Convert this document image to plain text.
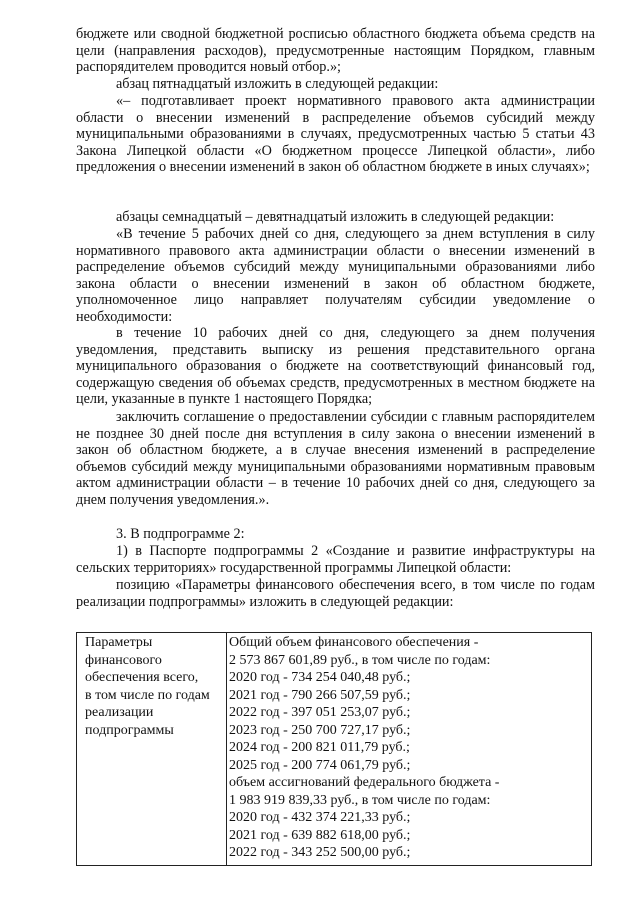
бюджете или сводной бюджетной росписью областного бюджета объема средств на цели (направления расходов), предусмотренные настоящим Порядком, главным распорядителем проводится новый отбор.»;

абзац пятнадцатый изложить в следующей редакции:

«– подготавливает проект нормативного правового акта администрации области о внесении изменений в распределение объемов субсидий между муниципальными образованиями в случаях, предусмотренных частью 5 статьи 43 Закона Липецкой области «О бюджетном процессе Липецкой области», либо предложения о внесении изменений в закон об областном бюджете в иных случаях»;

абзацы семнадцатый – девятнадцатый изложить в следующей редакции:

«В течение 5 рабочих дней со дня, следующего за днем вступления в силу нормативного правового акта администрации области о внесении изменений в распределение объемов субсидий между муниципальными образованиями либо закона области о внесении изменений в закон об областном бюджете, уполномоченное лицо направляет получателям субсидии уведомление о необходимости:

в течение 10 рабочих дней со дня, следующего за днем получения уведомления, представить выписку из решения представительного органа муниципального образования о бюджете на соответствующий финансовый год, содержащую сведения об объемах средств, предусмотренных в местном бюджете на цели, указанные в пункте 1 настоящего Порядка;

заключить соглашение о предоставлении субсидии с главным распорядителем не позднее 30 дней после дня вступления в силу закона о внесении изменений в закон об областном бюджете, а в случае внесения изменений в распределение объемов субсидий между муниципальными образованиями нормативным правовым актом администрации области – в течение 10 рабочих дней со дня, следующего за днем получения уведомления.».

3. В подпрограмме 2:

1) в Паспорте подпрограммы 2 «Создание и развитие инфраструктуры на сельских территориях» государственной программы Липецкой области:

позицию «Параметры финансового обеспечения всего, в том числе по годам реализации подпрограммы» изложить в следующей редакции:

Параметры
финансового
обеспечения всего,
в том числе по годам
реализации
подпрограммы
Общий объем финансового обеспечения -
2 573 867 601,89 руб., в том числе по годам:
2020 год - 734 254 040,48 руб.;
2021 год - 790 266 507,59 руб.;
2022 год - 397 051 253,07 руб.;
2023 год - 250 700 727,17 руб.;
2024 год - 200 821 011,79 руб.;
2025 год - 200 774 061,79 руб.;
объем ассигнований федерального бюджета -
1 983 919 839,33 руб., в том числе по годам:
2020 год - 432 374 221,33 руб.;
2021 год - 639 882 618,00 руб.;
2022 год - 343 252 500,00 руб.;
